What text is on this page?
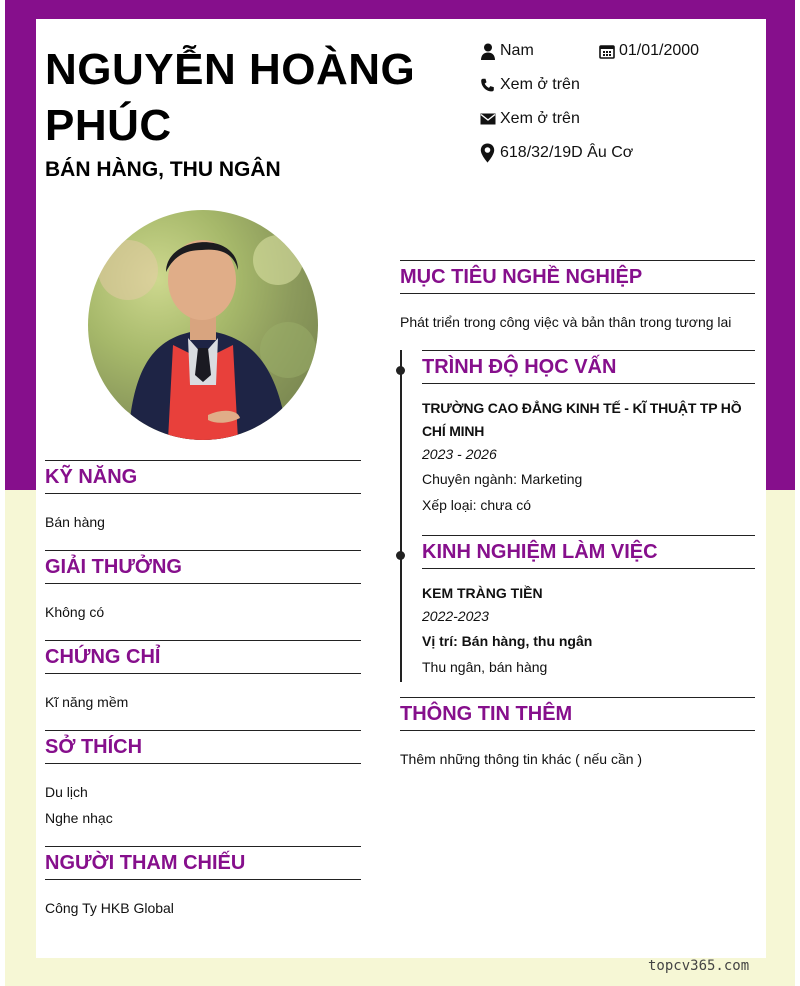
NGUYỄN HOÀNG PHÚC
BÁN HÀNG, THU NGÂN
Nam	01/01/2000
Xem ở trên
Xem ở trên
618/32/19D Âu Cơ
KỸ NĂNG
Bán hàng
GIẢI THƯỞNG
Không có
CHỨNG CHỈ
Kĩ năng mềm
SỞ THÍCH
Du lịch
Nghe nhạc
NGƯỜI THAM CHIẾU
Công Ty HKB Global
MỤC TIÊU NGHỀ NGHIỆP
Phát triển trong công việc và bản thân trong tương lai
TRÌNH ĐỘ HỌC VẤN
TRƯỜNG CAO ĐẲNG KINH TẾ - KĨ THUẬT TP HỒ CHÍ MINH
2023 - 2026
Chuyên ngành: Marketing
Xếp loại: chưa có
KINH NGHIỆM LÀM VIỆC
KEM TRÀNG TIỀN
2022-2023
Vị trí: Bán hàng, thu ngân
Thu ngân, bán hàng
THÔNG TIN THÊM
Thêm những thông tin khác ( nếu cần )
topcv365.com
